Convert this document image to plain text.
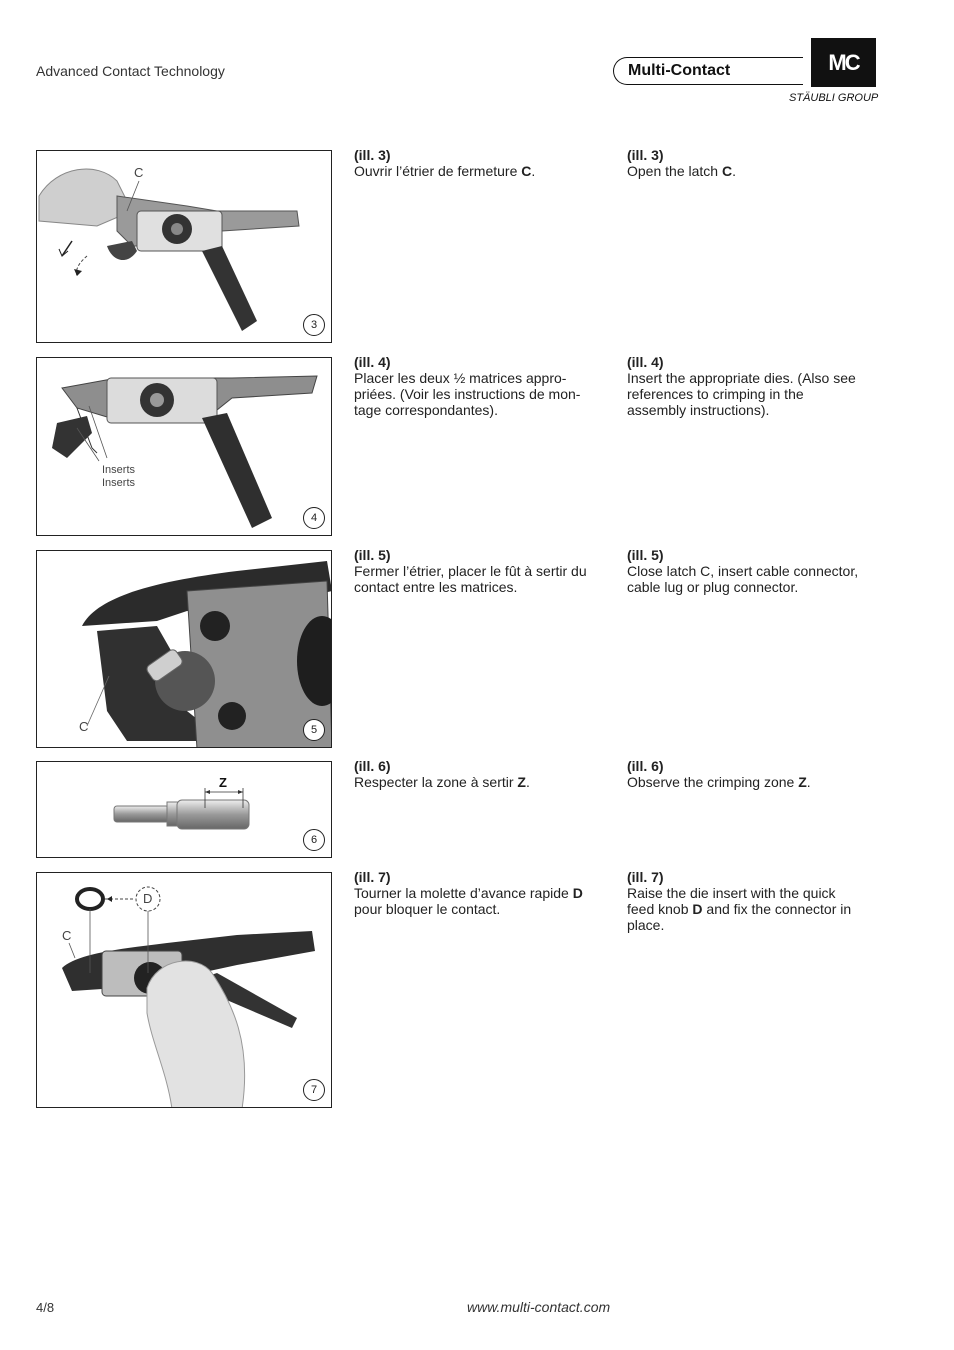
Advanced Contact Technology	Multi-Contact	MC
STÄUBLI GROUP
C
3
Inserts
Inserts
4
C	5
Z
6
C
D
7
(ill. 3)
Ouvrir l’étrier de fermeture C.
(ill. 3)
Open the latch C.
(ill. 4)
Placer les deux ½ matrices appro-
priées. (Voir les instructions de mon-
tage correspondantes).
(ill. 4)
Insert the appropriate dies. (Also see
references to crimping in the
assembly instructions).
(ill. 5)
Fermer l’étrier, placer le fût à sertir du
contact entre les matrices.
(ill. 5)
Close latch C, insert cable connector,
cable lug or plug connector.
(ill. 6)
Respecter la zone à sertir Z.
(ill. 6)
Observe the crimping zone Z.
(ill. 7)
Tourner la molette d’avance rapide D
pour bloquer le contact.
(ill. 7)
Raise the die insert with the quick
feed knob D and fix the connector in
place.
4/8	www.multi-contact.com
